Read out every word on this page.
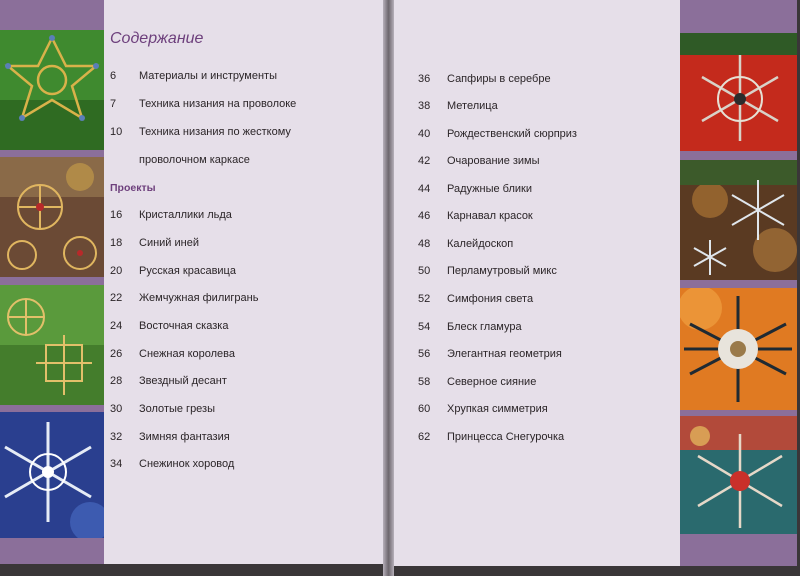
Содержание
6 Материалы и инструменты
7 Техника низания на проволоке
10 Техника низания по жесткому
проволочном каркасе
Проекты
16 Кристаллики льда
18 Синий иней
20 Русская красавица
22 Жемчужная филигрань
24 Восточная сказка
26 Снежная королева
28 Звездный десант
30 Золотые грезы
32 Зимняя фантазия
34 Снежинок хоровод
36 Сапфиры в серебре
38 Метелица
40 Рождественский сюрприз
42 Очарование зимы
44 Радужные блики
46 Карнавал красок
48 Калейдоскоп
50 Перламутровый микс
52 Симфония света
54 Блеск гламура
56 Элегантная геометрия
58 Северное сияние
60 Хрупкая симметрия
62 Принцесса Снегурочка
